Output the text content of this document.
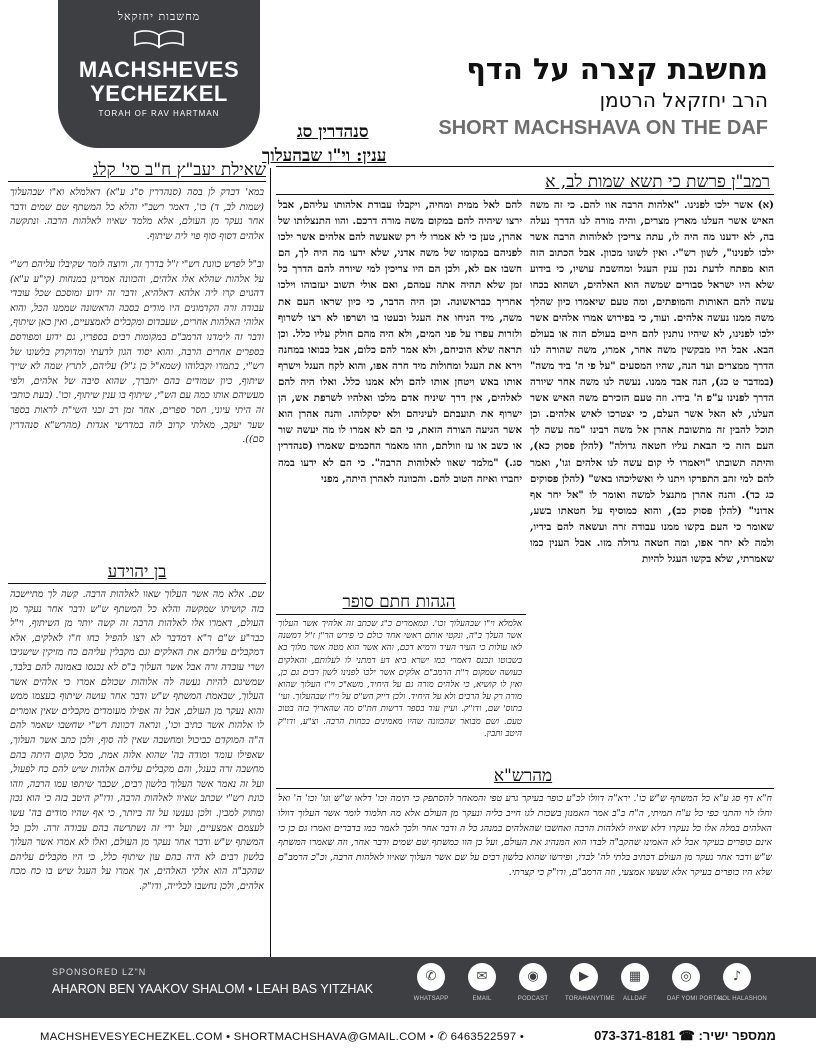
מחשבות יחזקאל
MACHSHEVES
YECHEZKEL
TORAH OF RAV HARTMAN
מחשבת קצרה על הדף
הרב יחזקאל הרטמן
SHORT MACHSHAVA ON THE DAF
סנהדרין סג
ענין: וי"ו שבהעלוך
שאילת יעב"ץ ח"ב סי' קלג
במא' דבדק לן בסה (סנהדרין ס"ג ע"א) דאלמלא וא"ו שבהעלוך (שמות לב, ד) כו', דאמר רשב"י והלא כל המשתף שם שמים ודבר אחר נעקר מן העולם, אלא מלמד שאיוו לאלהות הרבה. ונתקשה אלהים דסוף סוף פוי ליה שיתוף.
וב"ל לפרש כוונת רש"י ז"ל בדרך זה, ורוצה לומר שקיבלו עליהם רש"י על אלהות שהלא אלו אלהים, והכוונה אמרינן במנחות (קי"ע ע"א) דהגוים קרו ליה אלהא דאלהיא, ודבר זה ידוע ומוסכם שכל עובדי עבודה זרה הקדמונים היו מודים בסבה הראשונה שממנו הכל, והוא אלוהי האלהות אחרים, שעבדום ומקבלים לאמצעיים, ואין כאן שיתוף, ודבר זה לימדנו הרמב"ם במקומות רבים בספריו, גם ידוע ומפורסם בספרים אחרים הרבה, והוא יסוד הגון לדעתי ומדוקדק בלשונו של רש"י, בתמרו וקבלוהו (שמא"ל כן ג"ל) עליהם, לתרץ שמה לא שייך שיתוף, כיון שמודים בהם יתברך, שהוא סיבה של אלהים, ולפי מעשיהם אותו כמה עם הש"י, שיתוף בו ענין שיתוף, וכו'. (בעת כותבי זה היתי עיוני, חסר ספרים, אחר זמן רב זכני השי"ת לראות בספר שער יעקב, מאלתי קרוב לזה במדרשי אגדות (מהרש"א סנהדרין סם)).
בן יהוידע
שם. אלא מה אשר העלוך שאוו לאלהות הרבה. קשה לך מתיישבה בזה קושיתו שמקשה והלא כל המשתף ש"ש ודבר אחר נעקר מן העולם, דאמרו אלו לאלהות הרבה זה קשה יותר מן השיתוף, וי"ל כבר"ע ש"ם ר"א דמדבר לא רצו להפיל כחו ח"ו לאלקים, אלא דמקבלים עליהם את האלקים וגם מקבלין עליהם כח מזיקין שישגיבו ושרי עובדה זרה אבל אשר העלוך ב"ס לא נכנסו באמונה להם בלבד, שמשיגם להיות נעשה לה אלוהות שכולם אמרו כי אלהים אשר העלוך, שבאמת המשתף ש"ש ודבר אחר עושה שיתוף בעצמו ממש והוא נעקר מן העולם, אבל זה אפילו מעומדים מקבלים שאין אומרים לו אלהות אשר כתיב וכו', ונראה דכוונת רש"י שחשבו שאמר להם ה"ה המוקדם כביכול ומחשבה שאין לה סוף, ולכן כתב אשר העלוך, שאפילו עומד ומודה בה' שהוא אלוה אמת, מכל מקום היתה בהם מחשבה זרה בעגל, והם מקבלים עליהם אלהות שיש להם כח לפעול, ועל זה נאמר אשר העלוך בלשון רבים, שכבר שיתפו עמו הרבה, וזהו כונת רש"י שכתב שאיוו לאלהות הרבה, ודו"ק היטב בזה כי הוא נכון ומתוק למבין. ולכן נענשו על זה ביותר, כי אף שהיו מודים בה' עשו לעצמם אמצעיים, ועל ידי זה נשתרשה בהם עבודה זרה. ולכן כל המשתף ש"ש ודבר אחר נעקר מן העולם, ואלו לא אמרו אשר העלוך בלשון רבים לא היה בהם עון שיתוף כלל, כי היו מקבלים עליהם שהקב"ה הוא אלקי האלהים, אך אמרו על העגל שיש בו כח מכח אלהים, ולכן נחשבו לכלייה, ודו"ק.
רמב"ן פרשת כי תשא שמות לב, א
(א) אשר ילכו לפנינו. "אלהות הרבה אוו להם. כי זה משה האיש אשר העלנו מארץ מצרים, והיה מורה לנו הדרך נעלה בה, לא ידענו מה היה לו, עתה צריכין לאלוהות הרבה אשר ילכו לפנינו", לשון רש"י. ואין לשונו מכוון. אבל הכתוב הזה הוא מפתח לדעת נכון ענין העגל ומחשבת עושיו, כי בידוע שלא היו ישראל סבורים שמשה הוא האלהים, ושהוא בכחו עשה להם האותות והמופתים, ומה טעם שיאמרו כיון שהלך משה ממנו נעשה אלהים. ועוד, כי בפירוש אמרו אלהים אשר ילכו לפנינו, לא שיהיו נותנין להם חיים בעולם הזה או בעולם הבא. אבל היו מבקשין משה אחר, אמרו, משה שהורה לנו הדרך ממצרים ועד הנה, שהיו המסעים "על פי ה' ביד משה" (במדבר ט כג), הנה אבד ממנו. נעשה לנו משה אחר שיורה הדרך לפנינו ע"פ ה' בידו. וזה טעם הזכירם משה האיש אשר העלנו, לא האל אשר העלם, כי יצטרכו לאיש אלהים. וכן תוכל להבין זה מתשובת אהרן אל משה רבינו "מה עשה לך העם הזה כי הבאת עליו חטאה גדולה" (להלן פסוק כא), והיתה תשובתו "ויאמרו לי קום עשה לנו אלהים וגו', ואמר להם למי זהב התפרקו ויתנו לי ואשליכהו באש" (להלן פסוקים כג כד). והנה אהרן מתנצל למשה ואומר לו "אל יחר אף אדוני" (להלן פסוק כב), והוא כמוסיף על חטאתו בשע, שאומר כי העם בקשו ממנו עבודה זרה ועשאה להם בידיו, ולמה לא יחר אפו, ומה חטאה גדולה מזו. אבל הענין כמו שאמרתי, שלא בקשו העגל להיות
להם לאל ממית ומחיה, ויקבלו עבודת אלהותו עליהם, אבל ירצו שיהיה להם במקום משה מורה דרכם. והוו התנצלותו של אהרן, טען כי לא אמרו לי רק שאעשה להם אלהים אשר ילכו לפניהם במקומו של משה אדני, שלא ידעו מה היה לך, הם חשבו אם לא, ולכן הם היו צריכין למי שיורה להם הדרך כל זמן שלא תהיה אתה עמהם, ואם אולי תשוב יעזבוהו וילכו אחריך כבראשונה. וכן היה הדבר, כי כיון שראו העם את משה, מיד הניחו את העגל ובעטו בו ושרפו לא רצו לשרוף ולזרות עפרו על פני המים, ולא היה מהם חולק עליו כלל. וכן תראה שלא הוכיחם, ולא אמר להם כלום, אבל כבואו במחנה וירא את העגל ומחולות מיד חרה אפו, והוא לקח העגל וישרף אותו באש ויטחן אותו להם ולא אמנו כלל. ואלו היה להם לאלהים, אין דרך שיניח אדם מלכו ואלהיו לשרפת אש, הן ישרוף את תועבתם לעיניהם ולא יסקלוהו. והנה אהרן הוא אשר הגיעה הצורה הזאת, כי הם לא אמרו לו מה יעשה שור או כשב או עז וזולתם, וזהו מאמר החכמים שאמרו (סנהדרין סג.) "מלמד שאוו לאלוהות הרבה". כי הם לא ידעו במה יחברו ואיזה הטוב להם. והכוונה לאהרן היתה, מפני
הגהות חתם סופר
אלמלא וי"ו שבהעלוך וכו'. ונמאמרים כ"ג שכתב זה אלהיך אשר העלוך אשר העלך ב"ה, ונקטי אותם ראשי אחד כולם כי פירש הר"ן ז"ל דמשנה לאו עולות כי העיר העיד ורמיא דכם, והא אשר הוא מטה אשר מלוך בא בשבוטו ונכנס דאמרי כמו ישרא ביא דע דמתני לו לעלותם, והאלקים כעושה שמקום ר"ת הרמב"ם אלקים אשר ילכו לפנינו לשון רבים גם כן, ואין לו קושיא, כי אלהים מורה גם על היחיד, משא"כ וי"ו העלוך שהוא מורה רק על הרבים ולא על היחיד. ולכן דייק הש"ס על וי"ו שבהעלוך. ועי' בתוס' שם, ודו"ק. ועיין עוד בספר דרשות חת"ס מה שהאריך בזה בטוב טעם. ושם מבואר שהכוונה שהיו מאמינים בכחות הרבה. וצ"ע, ודו"ק היטב ותבין.
מהרש"א
ח"א דף סג ע"א כל המשתף ש"ש כו'. ירא"ה דוולו לכ"ע כופר בעיקר גרע טפי והמאחר להסתפק כי תימה וכו' דלאו ש"ש וגו' וכו' ה' ואל וחלו לוי והתני כפי כל ע"ח תמיתי, ה"ח ב"ב אמר האמנון בשכות לגו חייב כליה ונעקר מן העולם אלא מה תלמוד לומר אשר העלוך דוולו האלהים במלה אלו כל נעקרו דלא שאיוו לאלהות הרבה ואחשבו שהאלהים במנהג כל ה ודבר אחר ולכך לאמר כמו בדברים ואמרו גם כן כי אינם כופרים בעיקר אבל לא האמינו שהקב"ה לבדו הוא המנהיג את העולם, ועל כן הוו כמשתף שם שמים ודבר אחר, וזה שאמרו המשתף ש"ש ודבר אחר נעקר מן העולם דכתיב בלתי לה' לבדו, ופירשו שהוא בלשון רבים על שם אשר העלוך שאיוו לאלהות הרבה, וכ"כ הרמב"ם שלא היו כופרים בעיקר אלא שעשו אמצעי, וזה הרמב"ם, ודו"ק כי קצרתי.
SPONSORED LZ"N
AHARON BEN YAAKOV SHALOM • LEAH BAS YITZHAK
✆
WHATSAPP
✉
EMAIL
◉
PODCAST
▶
TORAHANYTIME
▦
ALLDAF
◎
DAF YOMI PORTAL
♪
KOL HALASHON
MACHSHEVESYECHEZKEL.COM • SHORTMACHSHAVA@GMAIL.COM • ✆ 6463522597 •	ממספר ישיר: ☎ 073-371-8181
